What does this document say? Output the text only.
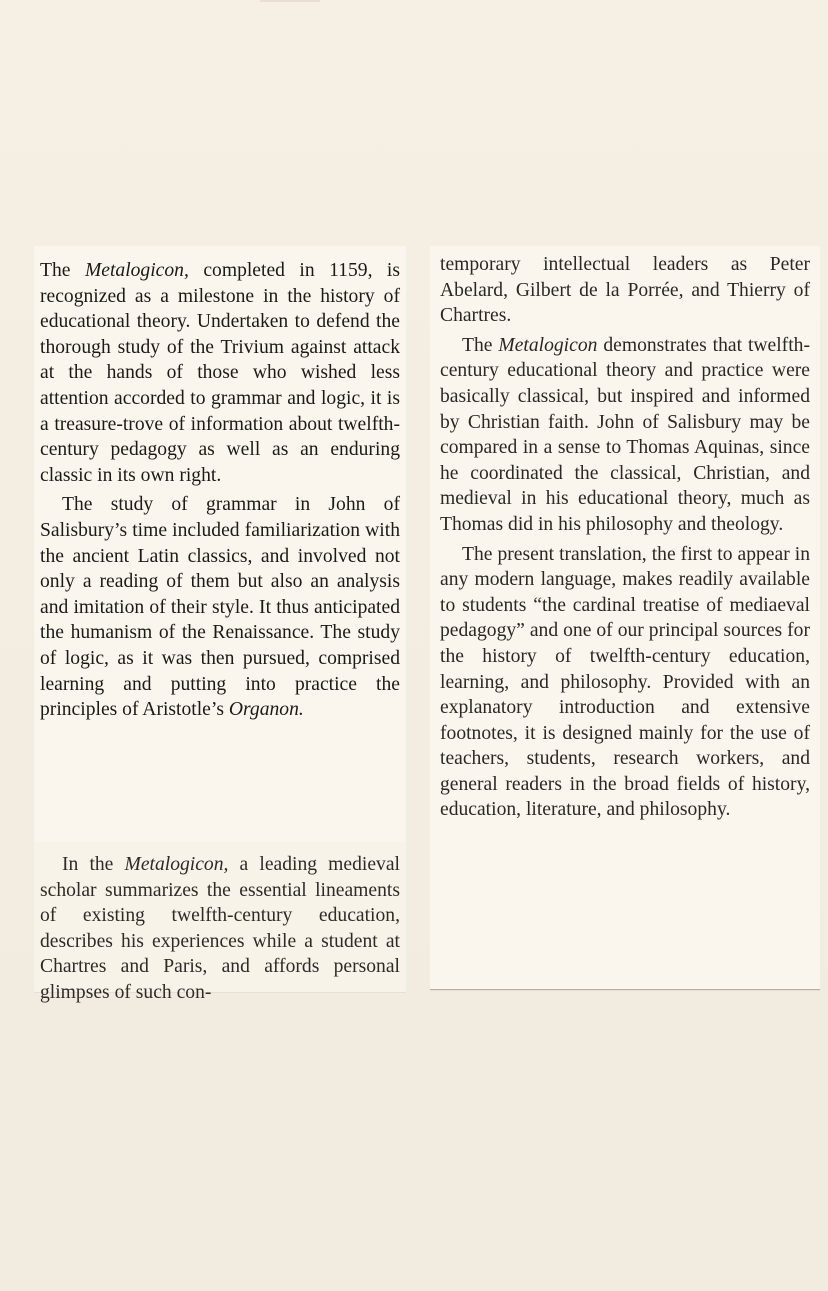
The Metalogicon, completed in 1159, is recognized as a milestone in the history of educational theory. Undertaken to defend the thorough study of the Trivium against attack at the hands of those who wished less attention accorded to grammar and logic, it is a treasure-trove of information about twelfth-century pedagogy as well as an enduring classic in its own right.

The study of grammar in John of Salisbury’s time included familiarization with the ancient Latin classics, and involved not only a reading of them but also an analysis and imitation of their style. It thus anticipated the humanism of the Renaissance. The study of logic, as it was then pursued, comprised learning and putting into practice the principles of Aristotle’s Organon.

In the Metalogicon, a leading medieval scholar summarizes the essential lineaments of existing twelfth-century education, describes his experiences while a student at Chartres and Paris, and affords personal glimpses of such con-

temporary intellectual leaders as Peter Abelard, Gilbert de la Porrée, and Thierry of Chartres.

The Metalogicon demonstrates that twelfth-century educational theory and practice were basically classical, but inspired and informed by Christian faith. John of Salisbury may be compared in a sense to Thomas Aquinas, since he coordinated the classical, Christian, and medieval in his educational theory, much as Thomas did in his philosophy and theology.

The present translation, the first to appear in any modern language, makes readily available to students “the cardinal treatise of mediaeval pedagogy” and one of our principal sources for the history of twelfth-century education, learning, and philosophy. Provided with an explanatory introduction and extensive footnotes, it is designed mainly for the use of teachers, students, research workers, and general readers in the broad fields of history, education, literature, and philosophy.
